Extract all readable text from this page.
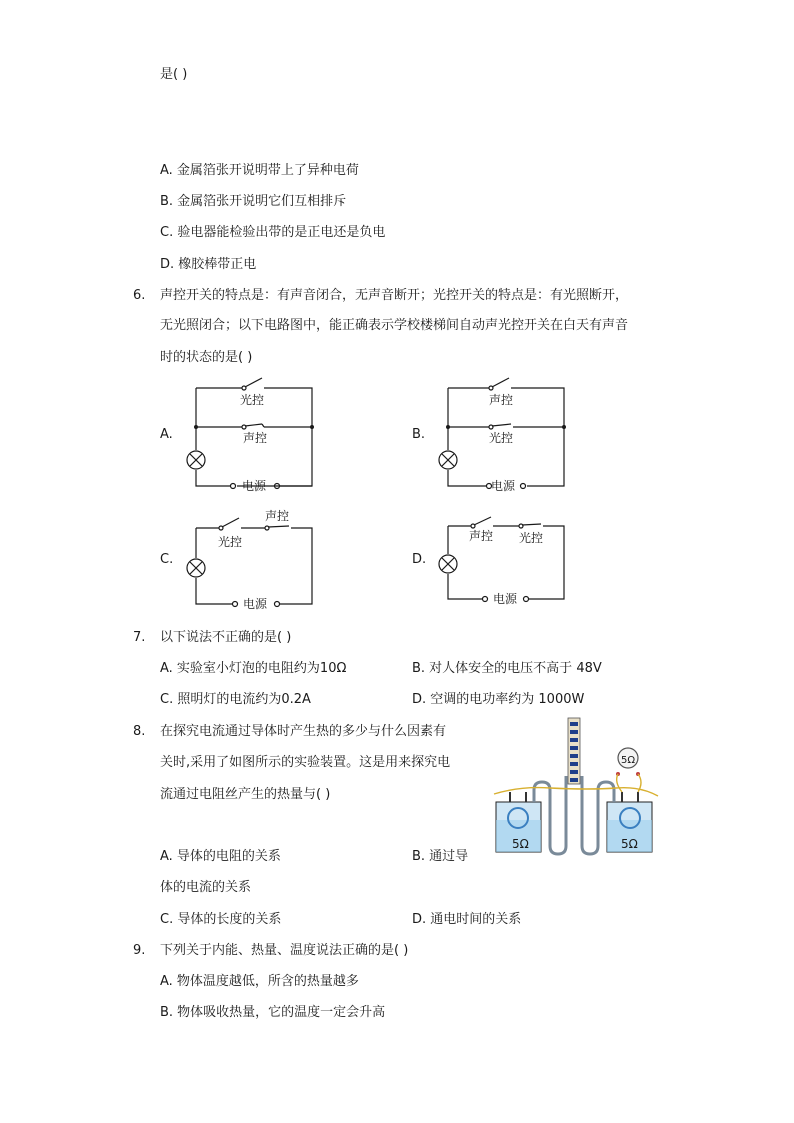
是( )
A. 金属箔张开说明带上了异种电荷
B. 金属箔张开说明它们互相排斥
C. 验电器能检验出带的是正电还是负电
D. 橡胶棒带正电
6. 声控开关的特点是：有声音闭合，无声音断开；光控开关的特点是：有光照断开，
无光照闭合；以下电路图中，能正确表示学校楼梯间自动声光控开关在白天有声音
时的状态的是( )
A.
光控
声控
电源
B.
声控
光控
电源
C.
光控
声控
电源
D.
声控 光控
电源
7. 以下说法不正确的是( )
A. 实验室小灯泡的电阻约为10Ω	B. 对人体安全的电压不高于 48V
C. 照明灯的电流约为0.2A	D. 空调的电功率约为 1000W
8. 在探究电流通过导体时产生热的多少与什么因素有
关时,采用了如图所示的实验装置。这是用来探究电
流通过电阻丝产生的热量与( )
A. 导体的电阻的关系	B. 通过导
体的电流的关系
C. 导体的长度的关系	D. 通电时间的关系
5Ω	5Ω
5Ω
9. 下列关于内能、热量、温度说法正确的是( )
A. 物体温度越低，所含的热量越多
B. 物体吸收热量，它的温度一定会升高
